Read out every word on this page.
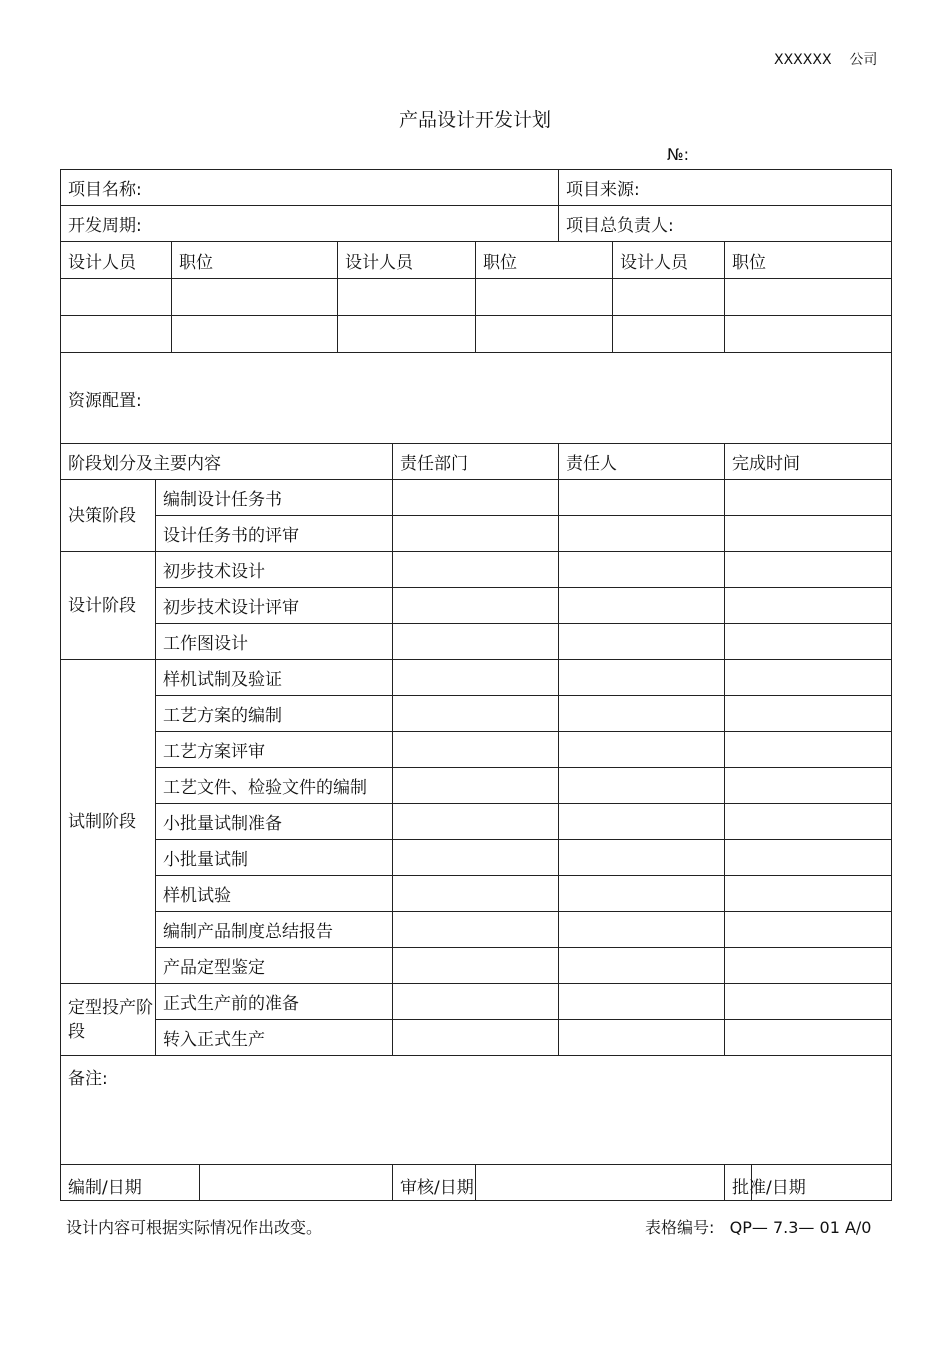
XXXXXX    公司
产品设计开发计划
№:
项目名称:							项目来源:			
开发周期:							项目总负责人:			
设计人员		职位		设计人员		职位		设计人员	职位	

资源配置:										
阶段划分及主要内容					责任部门		责任人		完成时间	
决策阶段	编制设计任务书									
	设计任务书的评审									
设计阶段	初步技术设计									
	初步技术设计评审									
	工作图设计									
试制阶段	样机试制及验证									
	工艺方案的编制									
	工艺方案评审									
	工艺文件、检验文件的编制									
	小批量试制准备									
	小批量试制									
	样机试验									
	编制产品制度总结报告									
	产品定型鉴定									
定型投产阶段	正式生产前的准备									
	转入正式生产									
备注:										
编制/日期					审核/日期				批准/日期	
设计内容可根据实际情况作出改变。	表格编号:   QP— 7.3— 01 A/0
